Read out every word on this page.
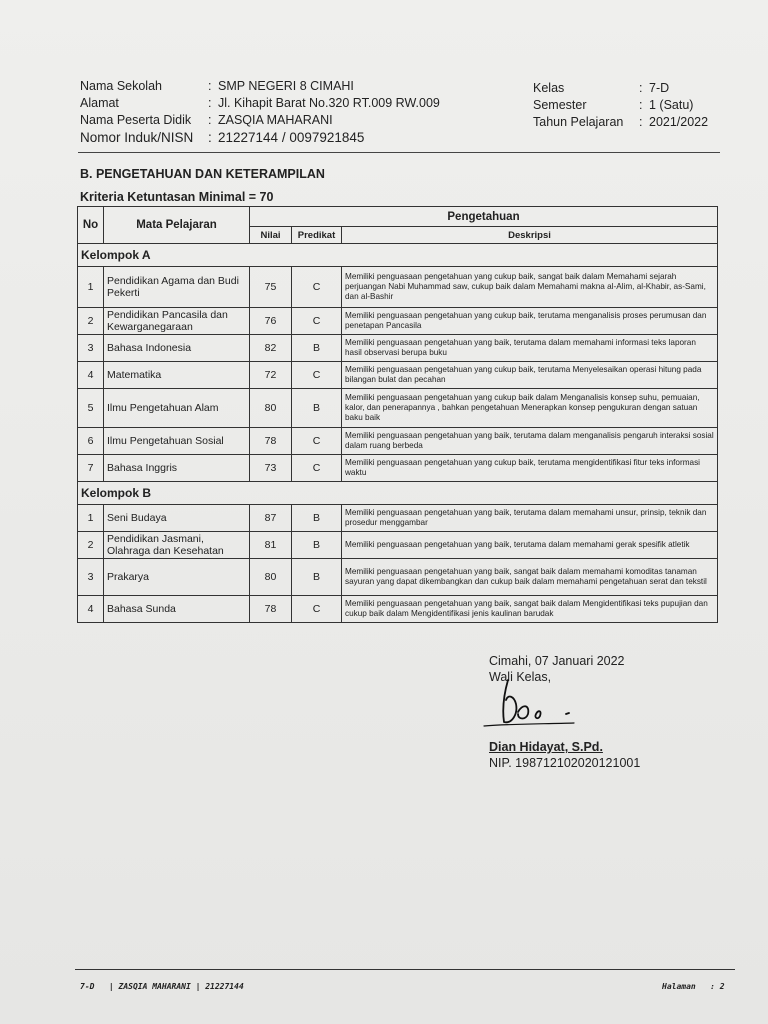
Nama Sekolah	: SMP NEGERI 8 CIMAHI
Alamat	: Jl. Kihapit Barat No.320 RT.009 RW.009
Nama Peserta Didik	: ZASQIA MAHARANI
Nomor Induk/NISN	: 21227144 / 0097921845
Kelas	: 7-D
Semester	: 1 (Satu)
Tahun Pelajaran	: 2021/2022
B. PENGETAHUAN DAN KETERAMPILAN
Kriteria Ketuntasan Minimal = 70
No	Mata Pelajaran	Pengetahuan		
		Nilai	Predikat	Deskripsi
Kelompok A				
1	Pendidikan Agama dan Budi Pekerti	75	C	Memiliki penguasaan pengetahuan yang cukup baik, sangat baik dalam Memahami sejarah perjuangan Nabi Muhammad saw, cukup baik dalam Memahami makna al-Alim, al-Khabir, as-Sami, dan al-Bashir
2	Pendidikan Pancasila dan Kewarganegaraan	76	C	Memiliki penguasaan pengetahuan yang cukup baik, terutama menganalisis proses perumusan dan penetapan Pancasila
3	Bahasa Indonesia	82	B	Memiliki penguasaan pengetahuan yang baik, terutama dalam memahami informasi teks laporan hasil observasi berupa buku
4	Matematika	72	C	Memiliki penguasaan pengetahuan yang cukup baik, terutama Menyelesaikan operasi hitung pada bilangan bulat dan pecahan
5	Ilmu Pengetahuan Alam	80	B	Memiliki penguasaan pengetahuan yang cukup baik dalam Menganalisis konsep suhu, pemuaian, kalor, dan penerapannya , bahkan pengetahuan Menerapkan konsep pengukuran dengan satuan baku baik
6	Ilmu Pengetahuan Sosial	78	C	Memiliki penguasaan pengetahuan yang baik, terutama dalam menganalisis pengaruh interaksi sosial dalam ruang berbeda
7	Bahasa Inggris	73	C	Memiliki penguasaan pengetahuan yang cukup baik, terutama mengidentifikasi fitur teks informasi waktu
Kelompok B				
1	Seni Budaya	87	B	Memiliki penguasaan pengetahuan yang baik, terutama dalam memahami unsur, prinsip, teknik dan prosedur menggambar
2	Pendidikan Jasmani, Olahraga dan Kesehatan	81	B	Memiliki penguasaan pengetahuan yang baik, terutama dalam memahami gerak spesifik atletik
3	Prakarya	80	B	Memiliki penguasaan pengetahuan yang baik, sangat baik dalam memahami komoditas tanaman sayuran yang dapat dikembangkan dan cukup baik dalam memahami pengetahuan serat dan tekstil
4	Bahasa Sunda	78	C	Memiliki penguasaan pengetahuan yang baik, sangat baik dalam Mengidentifikasi teks pupujian dan cukup baik dalam Mengidentifikasi jenis kaulinan barudak
Cimahi, 07 Januari 2022
Wali Kelas,
Dian Hidayat, S.Pd.
NIP. 198712102020121001
7-D   | ZASQIA MAHARANI | 21227144	Halaman   : 2
